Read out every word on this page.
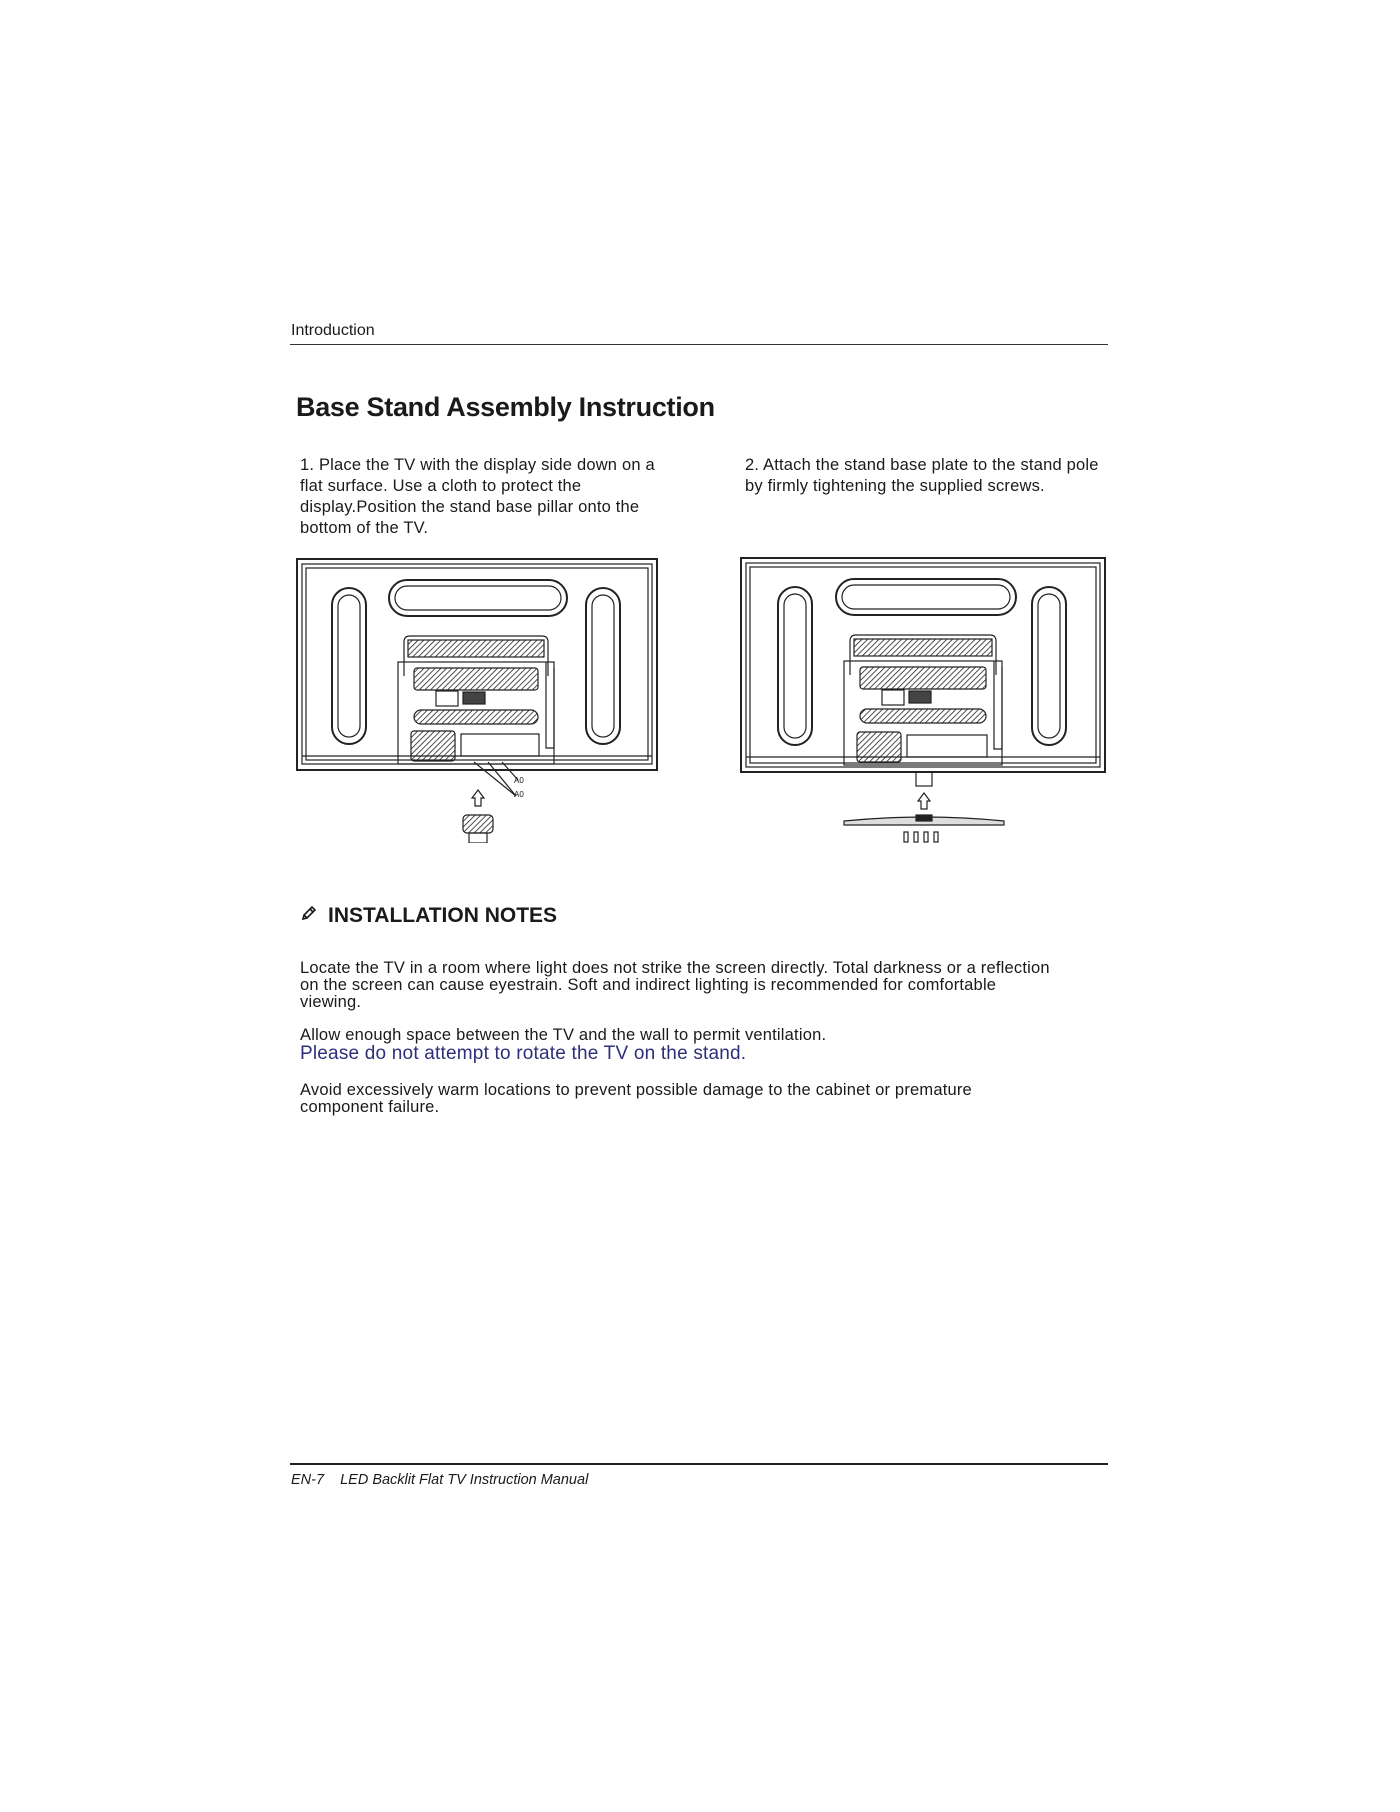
Introduction
Base Stand Assembly Instruction
1. Place the TV with the display side down on a flat surface. Use a cloth to protect the display.Position the stand base pillar onto the bottom of the TV.
2. Attach the stand base plate to the stand pole by firmly tightening the supplied screws.
A0
A0
INSTALLATION NOTES
Locate the TV in a room where light does not strike the screen directly. Total darkness or a reflection on the screen can cause eyestrain. Soft and indirect lighting is recommended for comfortable viewing.
Allow enough space between the TV and the wall to permit ventilation.
Please do not attempt to rotate the TV on the stand.
Avoid excessively warm locations to prevent possible damage to the cabinet or premature component failure.
EN-7 LED Backlit Flat TV Instruction Manual
